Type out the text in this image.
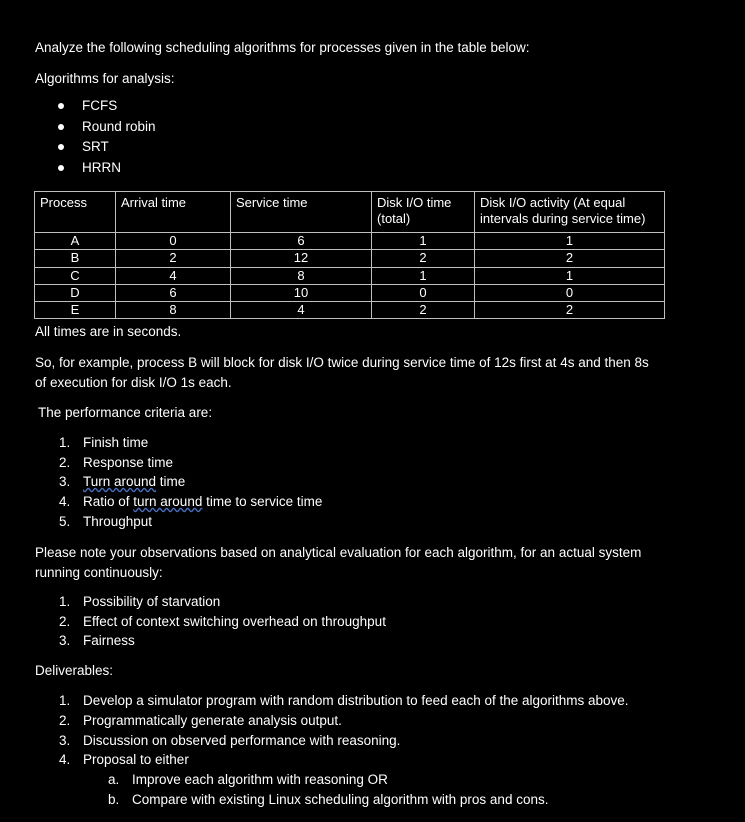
Analyze the following scheduling algorithms for processes given in the table below:
Algorithms for analysis:
FCFS
Round robin
SRT
HRRN
Process	Arrival time	Service time	Disk I/O time (total)	Disk I/O activity (At equal intervals during service time)
A	0	6	1	1
B	2	12	2	2
C	4	8	1	1
D	6	10	0	0
E	8	4	2	2
All times are in seconds.
So, for example, process B will block for disk I/O twice during service time of 12s first at 4s and then 8s
of execution for disk I/O 1s each.
The performance criteria are:
1. Finish time
2. Response time
3. Turn around time
4. Ratio of turn around time to service time
5. Throughput
Please note your observations based on analytical evaluation for each algorithm, for an actual system
running continuously:
1. Possibility of starvation
2. Effect of context switching overhead on throughput
3. Fairness
Deliverables:
1. Develop a simulator program with random distribution to feed each of the algorithms above.
2. Programmatically generate analysis output.
3. Discussion on observed performance with reasoning.
4. Proposal to either
a. Improve each algorithm with reasoning OR
b. Compare with existing Linux scheduling algorithm with pros and cons.
